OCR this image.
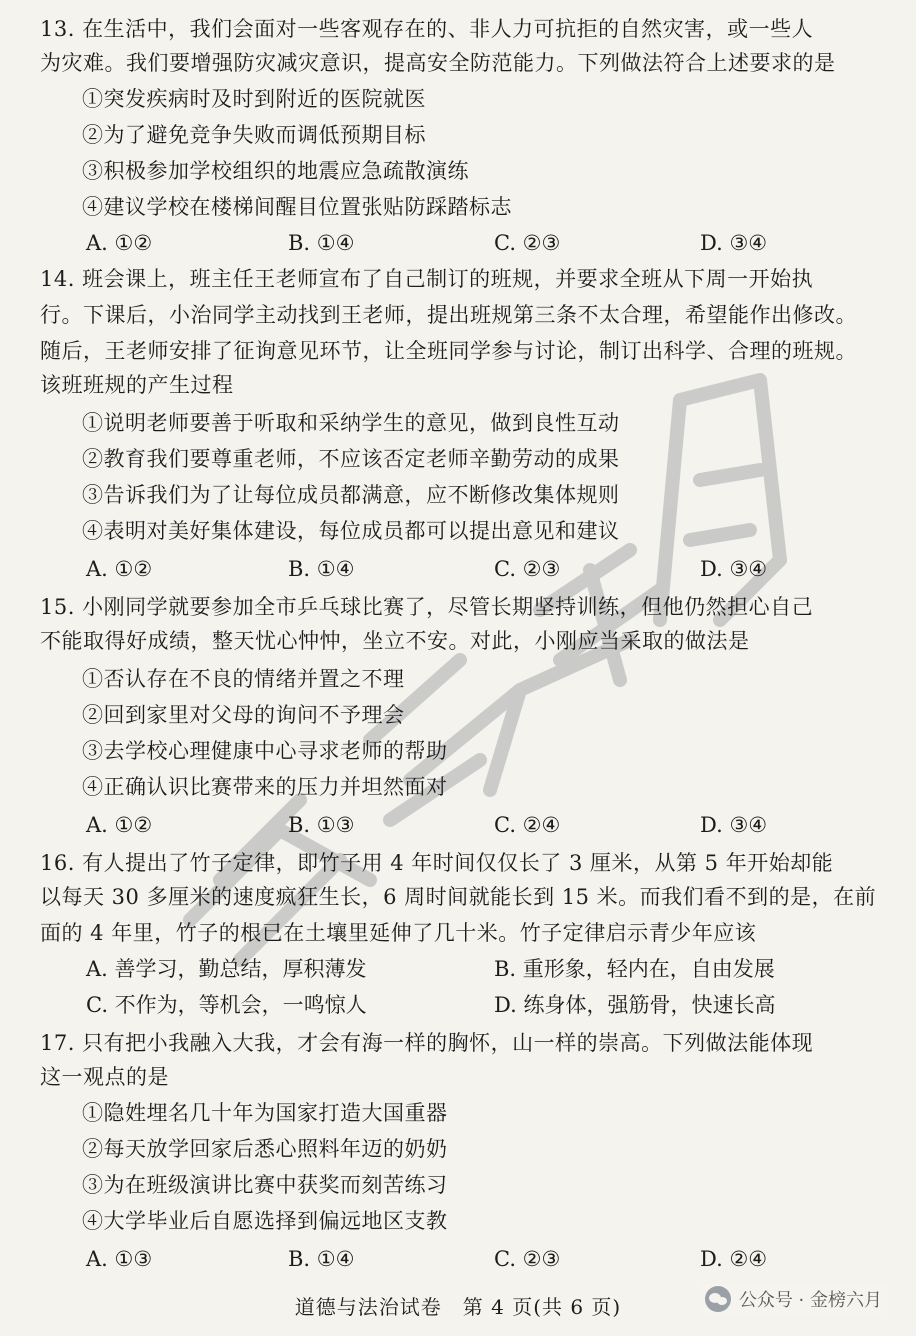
13. 在生活中，我们会面对一些客观存在的、非人力可抗拒的自然灾害，或一些人
为灾难。我们要增强防灾减灾意识，提高安全防范能力。下列做法符合上述要求的是
①突发疾病时及时到附近的医院就医
②为了避免竞争失败而调低预期目标
③积极参加学校组织的地震应急疏散演练
④建议学校在楼梯间醒目位置张贴防踩踏标志
A. ①②	B. ①④	C. ②③	D. ③④
14. 班会课上，班主任王老师宣布了自己制订的班规，并要求全班从下周一开始执
行。下课后，小治同学主动找到王老师，提出班规第三条不太合理，希望能作出修改。
随后，王老师安排了征询意见环节，让全班同学参与讨论，制订出科学、合理的班规。
该班班规的产生过程
①说明老师要善于听取和采纳学生的意见，做到良性互动
②教育我们要尊重老师，不应该否定老师辛勤劳动的成果
③告诉我们为了让每位成员都满意，应不断修改集体规则
④表明对美好集体建设，每位成员都可以提出意见和建议
A. ①②	B. ①④	C. ②③	D. ③④
15. 小刚同学就要参加全市乒乓球比赛了，尽管长期坚持训练，但他仍然担心自己
不能取得好成绩，整天忧心忡忡，坐立不安。对此，小刚应当采取的做法是
①否认存在不良的情绪并置之不理
②回到家里对父母的询问不予理会
③去学校心理健康中心寻求老师的帮助
④正确认识比赛带来的压力并坦然面对
A. ①②	B. ①③	C. ②④	D. ③④
16. 有人提出了竹子定律，即竹子用 4 年时间仅仅长了 3 厘米，从第 5 年开始却能
以每天 30 多厘米的速度疯狂生长，6 周时间就能长到 15 米。而我们看不到的是，在前
面的 4 年里，竹子的根已在土壤里延伸了几十米。竹子定律启示青少年应该
A. 善学习，勤总结，厚积薄发	B. 重形象，轻内在，自由发展
C. 不作为，等机会，一鸣惊人	D. 练身体，强筋骨，快速长高
17. 只有把小我融入大我，才会有海一样的胸怀，山一样的崇高。下列做法能体现
这一观点的是
①隐姓埋名几十年为国家打造大国重器
②每天放学回家后悉心照料年迈的奶奶
③为在班级演讲比赛中获奖而刻苦练习
④大学毕业后自愿选择到偏远地区支教
A. ①③	B. ①④	C. ②③	D. ②④
道德与法治试卷　第 4 页(共 6 页)	公众号 · 金榜六月
